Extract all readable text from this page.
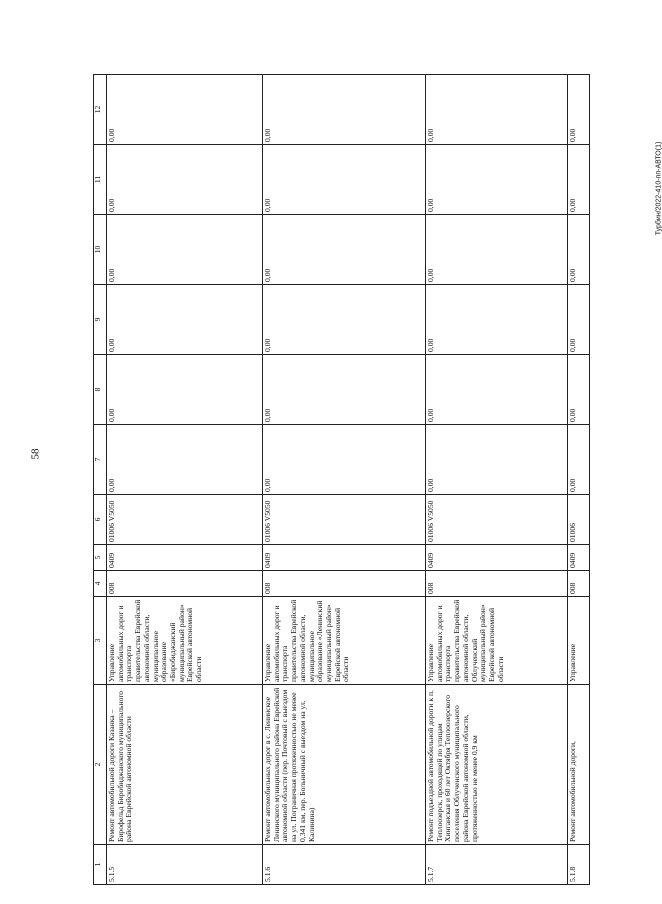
58
Турбин/2022-410-пп-АВТО(1)
1	2	3	4	5	6	7	8	9	10	11	12
5.1.5	Ремонт автомобильной дороги Казанка – Бирофельд Биробиджанского муниципального района Еврейской автономной области	Управление автомобильных дорог и транспорта правительства Еврейской автономной области, муниципальное образование «Биробиджанский муниципальный район» Еврейской автономной области	008	0409	01006 V5050	0,00	0,00	0,00	0,00	0,00	0,00
5.1.6	Ремонт автомобильных дорог в с. Ленинское Ленинского муниципального района Еврейской автономной области (пер. Почтовый с выездом на ул. Пограничная протяженностью не менее 0,341 км, пер. Больничный с выездом на ул. Калинина)	Управление автомобильных дорог и транспорта правительства Еврейской автономной области, муниципальное образование «Ленинский муниципальный район» Еврейской автономной области	008	0409	01006 V5050	0,00	0,00	0,00	0,00	0,00	0,00
5.1.7	Ремонт подъездной автомобильной дороги к п. Теплоозерск, проходящей по улицам Хинганская и 60 лет Октября Теплоозерского поселения Облученского муниципального района Еврейской автономной области, протяженностью не менее 0,9 км	Управление автомобильных дорог и транспорта правительства Еврейской автономной области, Облученский муниципальный район» Еврейской автономной области	008	0409	01006 V5050	0,00	0,00	0,00	0,00	0,00	0,00
5.1.8	Ремонт автомобильной дороги,	Управление	008	0409	01006	0,00	0,00	0,00	0,00	0,00	0,00
